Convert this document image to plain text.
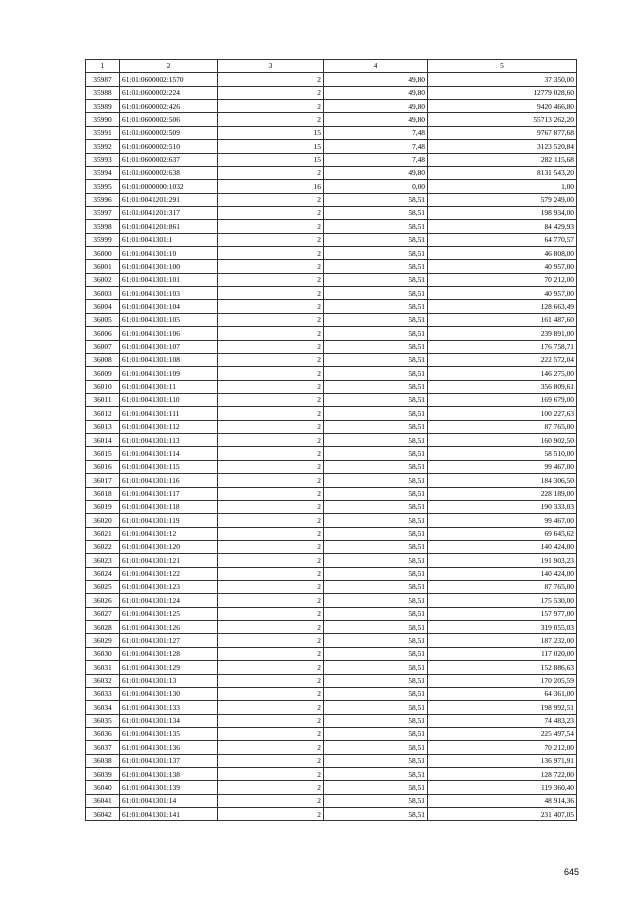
1	2	3	4	5
35987	61:01:0600002:1570	2	49,80	37 350,00
35988	61:01:0600002:224	2	49,80	12779 028,60
35989	61:01:0600002:426	2	49,80	9420 466,80
35990	61:01:0600002:506	2	49,80	55713 262,20
35991	61:01:0600002:509	15	7,48	9767 877,68
35992	61:01:0600002:510	15	7,48	3123 520,84
35993	61:01:0600002:637	15	7,48	282 115,68
35994	61:01:0600002:638	2	49,80	8131 543,20
35995	61:01:0000000:1032	16	0,00	1,00
35996	61:01:0041201:291	2	58,51	579 249,00
35997	61:01:0041201:317	2	58,51	198 934,00
35998	61:01:0041201:861	2	58,51	84 429,93
35999	61:01:0041301:1	2	58,51	64 770,57
36000	61:01:0041301:10	2	58,51	46 808,00
36001	61:01:0041301:100	2	58,51	40 957,00
36002	61:01:0041301:101	2	58,51	70 212,00
36003	61:01:0041301:103	2	58,51	40 957,00
36004	61:01:0041301:104	2	58,51	128 663,49
36005	61:01:0041301:105	2	58,51	161 487,60
36006	61:01:0041301:106	2	58,51	239 891,00
36007	61:01:0041301:107	2	58,51	176 758,71
36008	61:01:0041301:108	2	58,51	222 572,04
36009	61:01:0041301:109	2	58,51	146 275,00
36010	61:01:0041301:11	2	58,51	356 809,61
36011	61:01:0041301:110	2	58,51	169 679,00
36012	61:01:0041301:111	2	58,51	100 227,63
36013	61:01:0041301:112	2	58,51	87 765,00
36014	61:01:0041301:113	2	58,51	160 902,50
36015	61:01:0041301:114	2	58,51	58 510,00
36016	61:01:0041301:115	2	58,51	99 467,00
36017	61:01:0041301:116	2	58,51	184 306,50
36018	61:01:0041301:117	2	58,51	228 189,00
36019	61:01:0041301:118	2	58,51	190 333,03
36020	61:01:0041301:119	2	58,51	99 467,00
36021	61:01:0041301:12	2	58,51	69 645,62
36022	61:01:0041301:120	2	58,51	140 424,00
36023	61:01:0041301:121	2	58,51	191 903,23
36024	61:01:0041301:122	2	58,51	140 424,00
36025	61:01:0041301:123	2	58,51	87 765,00
36026	61:01:0041301:124	2	58,51	175 530,00
36027	61:01:0041301:125	2	58,51	157 977,00
36028	61:01:0041301:126	2	58,51	319 055,03
36029	61:01:0041301:127	2	58,51	187 232,00
36030	61:01:0041301:128	2	58,51	117 020,00
36031	61:01:0041301:129	2	58,51	152 886,63
36032	61:01:0041301:13	2	58,51	170 205,59
36033	61:01:0041301:130	2	58,51	64 361,00
36034	61:01:0041301:133	2	58,51	198 992,51
36035	61:01:0041301:134	2	58,51	74 483,23
36036	61:01:0041301:135	2	58,51	225 497,54
36037	61:01:0041301:136	2	58,51	70 212,00
36038	61:01:0041301:137	2	58,51	136 971,91
36039	61:01:0041301:138	2	58,51	128 722,00
36040	61:01:0041301:139	2	58,51	119 360,40
36041	61:01:0041301:14	2	58,51	48 914,36
36042	61:01:0041301:141	2	58,51	231 407,05
645
